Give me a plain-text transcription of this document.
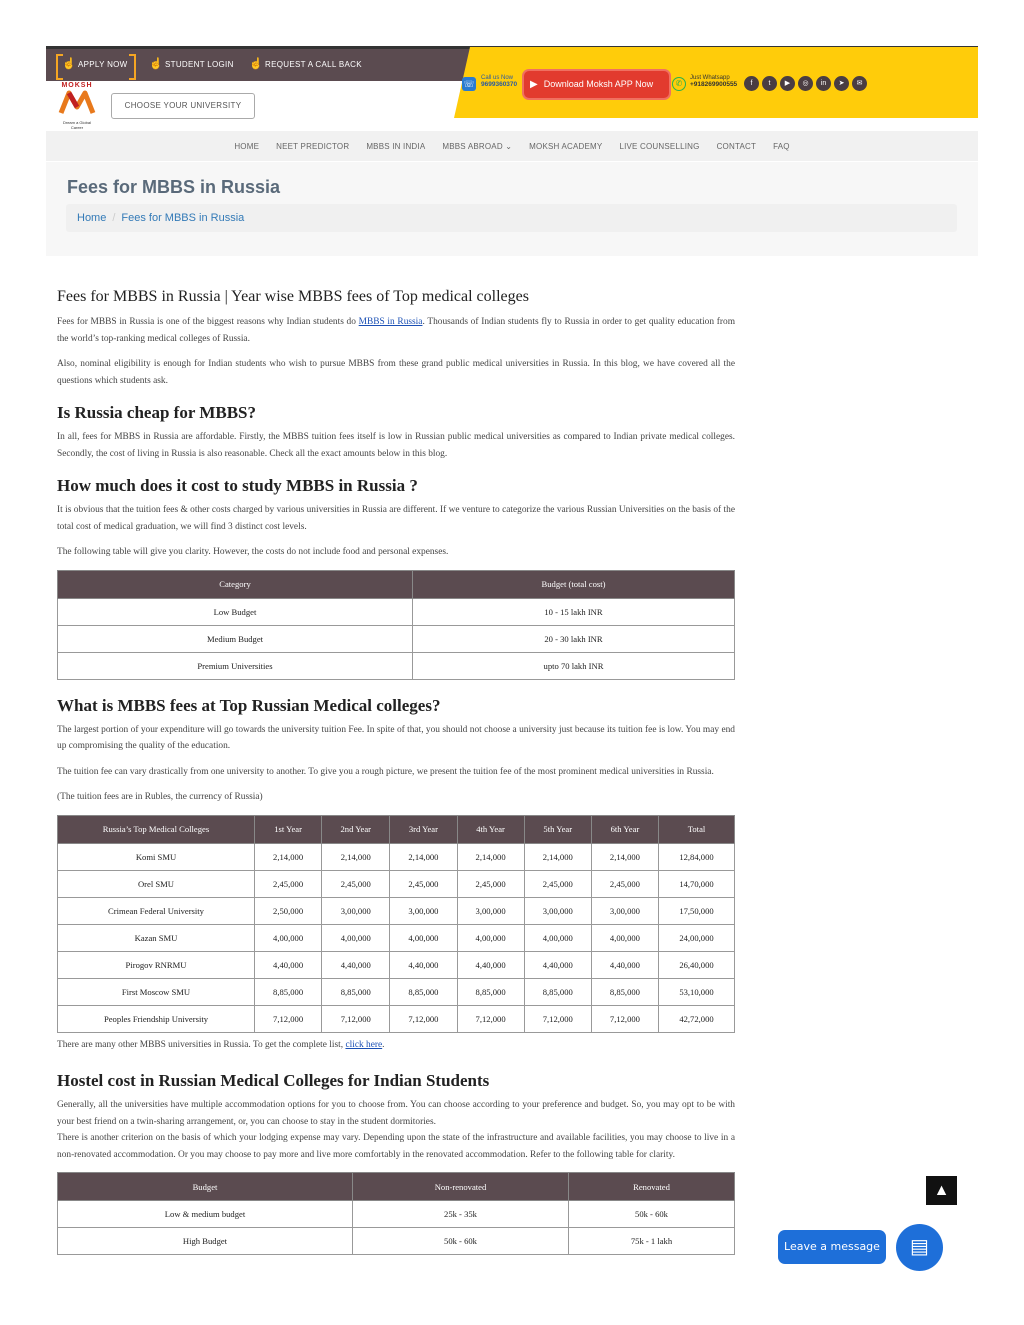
☝ APPLY NOW ☝ STUDENT LOGIN ☝ REQUEST A CALL BACK
MOKSH
Dream a Global Career
CHOOSE YOUR UNIVERSITY
☏
Call us Now
9699360370	▶ Download Moksh APP Now	✆
Just Whatsapp
+918269900555	f	t	▶	◎	in	➤	✉
HOME NEET PREDICTOR MBBS IN INDIA MBBS ABROAD ⌄ MOKSH ACADEMY LIVE COUNSELLING CONTACT FAQ
Fees for MBBS in Russia
Home / Fees for MBBS in Russia
Fees for MBBS in Russia | Year wise MBBS fees of Top medical colleges

Fees for MBBS in Russia is one of the biggest reasons why Indian students do MBBS in Russia. Thousands of Indian students fly to Russia in order to get quality education from the world’s top-ranking medical colleges of Russia.

Also, nominal eligibility is enough for Indian students who wish to pursue MBBS from these grand public medical universities in Russia. In this blog, we have covered all the questions which students ask.

Is Russia cheap for MBBS?

In all, fees for MBBS in Russia are affordable. Firstly, the MBBS tuition fees itself is low in Russian public medical universities as compared to Indian private medical colleges. Secondly, the cost of living in Russia is also reasonable. Check all the exact amounts below in this blog.

How much does it cost to study MBBS in Russia ?

It is obvious that the tuition fees & other costs charged by various universities in Russia are different. If we venture to categorize the various Russian Universities on the basis of the total cost of medical graduation, we will find 3 distinct cost levels.

The following table will give you clarity. However, the costs do not include food and personal expenses.

Category	Budget (total cost)
Low Budget	10 - 15 lakh INR
Medium Budget	20 - 30 lakh INR
Premium Universities	upto 70 lakh INR
What is MBBS fees at Top Russian Medical colleges?

The largest portion of your expenditure will go towards the university tuition Fee. In spite of that, you should not choose a university just because its tuition fee is low. You may end up compromising the quality of the education.

The tuition fee can vary drastically from one university to another. To give you a rough picture, we present the tuition fee of the most prominent medical universities in Russia.

(The tuition fees are in Rubles, the currency of Russia)

Russia’s Top Medical Colleges	1st Year	2nd Year	3rd Year	4th Year	5th Year	6th Year	Total
Komi SMU	2,14,000	2,14,000	2,14,000	2,14,000	2,14,000	2,14,000	12,84,000
Orel SMU	2,45,000	2,45,000	2,45,000	2,45,000	2,45,000	2,45,000	14,70,000
Crimean Federal University	2,50,000	3,00,000	3,00,000	3,00,000	3,00,000	3,00,000	17,50,000
Kazan SMU	4,00,000	4,00,000	4,00,000	4,00,000	4,00,000	4,00,000	24,00,000
Pirogov RNRMU	4,40,000	4,40,000	4,40,000	4,40,000	4,40,000	4,40,000	26,40,000
First Moscow SMU	8,85,000	8,85,000	8,85,000	8,85,000	8,85,000	8,85,000	53,10,000
Peoples Friendship University	7,12,000	7,12,000	7,12,000	7,12,000	7,12,000	7,12,000	42,72,000

There are many other MBBS universities in Russia. To get the complete list, click here.

Hostel cost in Russian Medical Colleges for Indian Students

Generally, all the universities have multiple accommodation options for you to choose from. You can choose according to your preference and budget. So, you may opt to be with your best friend on a twin-sharing arrangement, or, you can choose to stay in the student dormitories.

There is another criterion on the basis of which your lodging expense may vary. Depending upon the state of the infrastructure and available facilities, you may choose to live in a non-renovated accommodation. Or you may choose to pay more and live more comfortably in the renovated accommodation. Refer to the following table for clarity.

Budget	Non-renovated	Renovated
Low & medium budget	25k - 35k	50k - 60k
High Budget	50k - 60k	75k - 1 lakh
▲
Leave a message	▤
